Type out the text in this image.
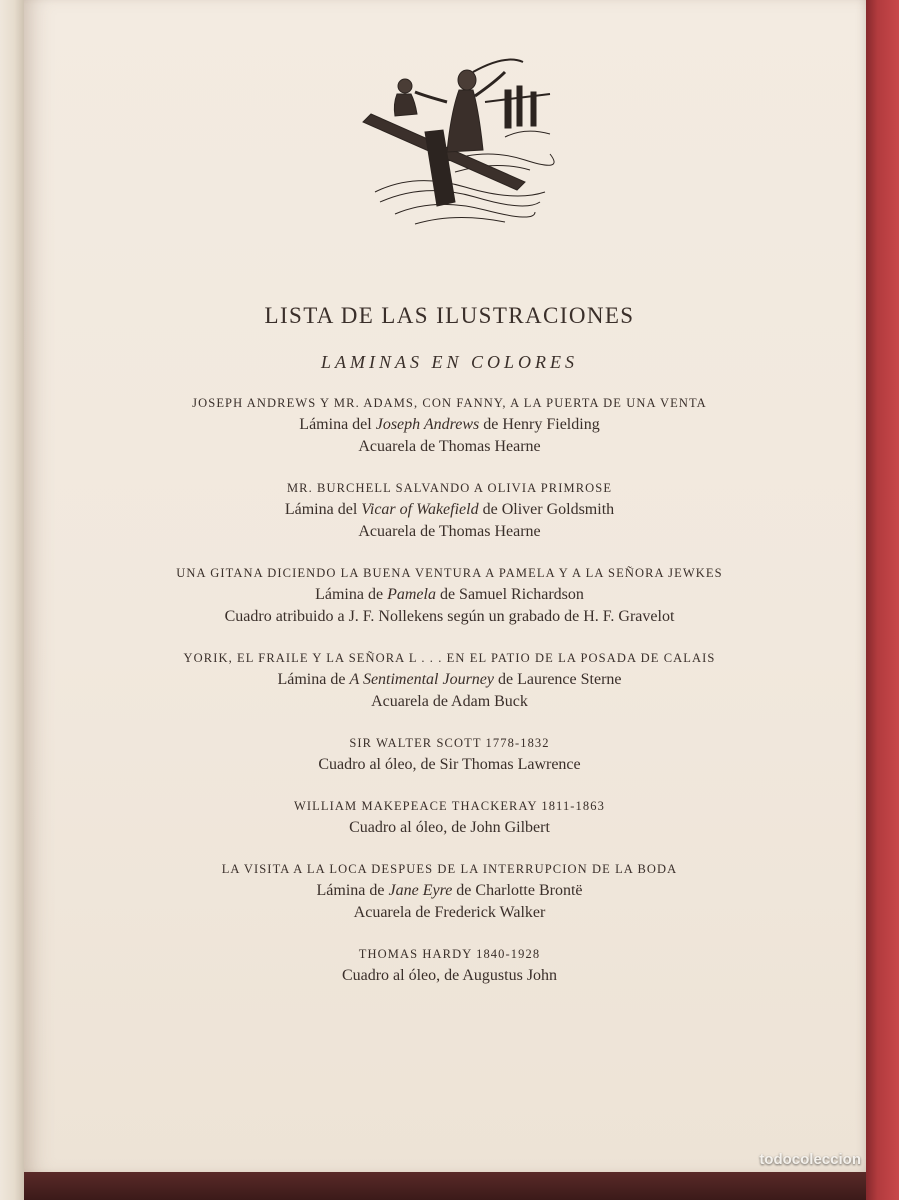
LISTA DE LAS ILUSTRACIONES
LAMINAS EN COLORES
JOSEPH ANDREWS Y MR. ADAMS, CON FANNY, A LA PUERTA DE UNA VENTA
Lámina del Joseph Andrews de Henry Fielding
Acuarela de Thomas Hearne
MR. BURCHELL SALVANDO A OLIVIA PRIMROSE
Lámina del Vicar of Wakefield de Oliver Goldsmith
Acuarela de Thomas Hearne
UNA GITANA DICIENDO LA BUENA VENTURA A PAMELA Y A LA SEÑORA JEWKES
Lámina de Pamela de Samuel Richardson
Cuadro atribuido a J. F. Nollekens según un grabado de H. F. Gravelot
YORIK, EL FRAILE Y LA SEÑORA L . . . EN EL PATIO DE LA POSADA DE CALAIS
Lámina de A Sentimental Journey de Laurence Sterne
Acuarela de Adam Buck
SIR WALTER SCOTT 1778-1832
Cuadro al óleo, de Sir Thomas Lawrence
WILLIAM MAKEPEACE THACKERAY 1811-1863
Cuadro al óleo, de John Gilbert
LA VISITA A LA LOCA DESPUES DE LA INTERRUPCION DE LA BODA
Lámina de Jane Eyre de Charlotte Brontë
Acuarela de Frederick Walker
THOMAS HARDY 1840-1928
Cuadro al óleo, de Augustus John
todocoleccion
